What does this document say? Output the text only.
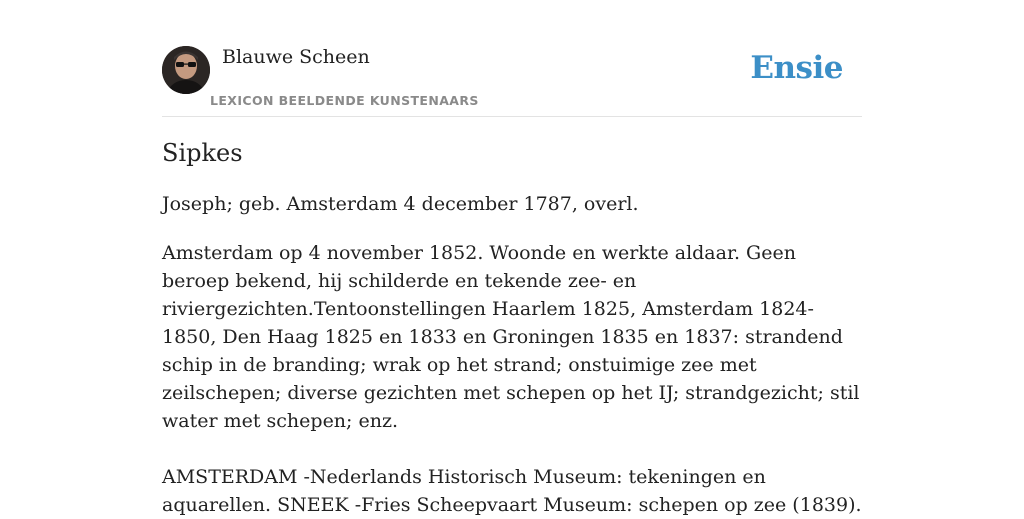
Blauwe Scheen
LEXICON BEELDENDE KUNSTENAARS
Ensie
Sipkes
Joseph; geb. Amsterdam 4 december 1787, overl.

Amsterdam op 4 november 1852. Woonde en werkte aldaar. Geen beroep bekend, hij schilderde en tekende zee- en riviergezichten.Tentoonstellingen Haarlem 1825, Amsterdam 1824-1850, Den Haag 1825 en 1833 en Groningen 1835 en 1837: strandend schip in de branding; wrak op het strand; onstuimige zee met zeilschepen; diverse gezichten met schepen op het IJ; strandgezicht; stil water met schepen; enz.

AMSTERDAM -Nederlands Historisch Museum: tekeningen en aquarellen. SNEEK -Fries Scheepvaart Museum: schepen op zee (1839).
